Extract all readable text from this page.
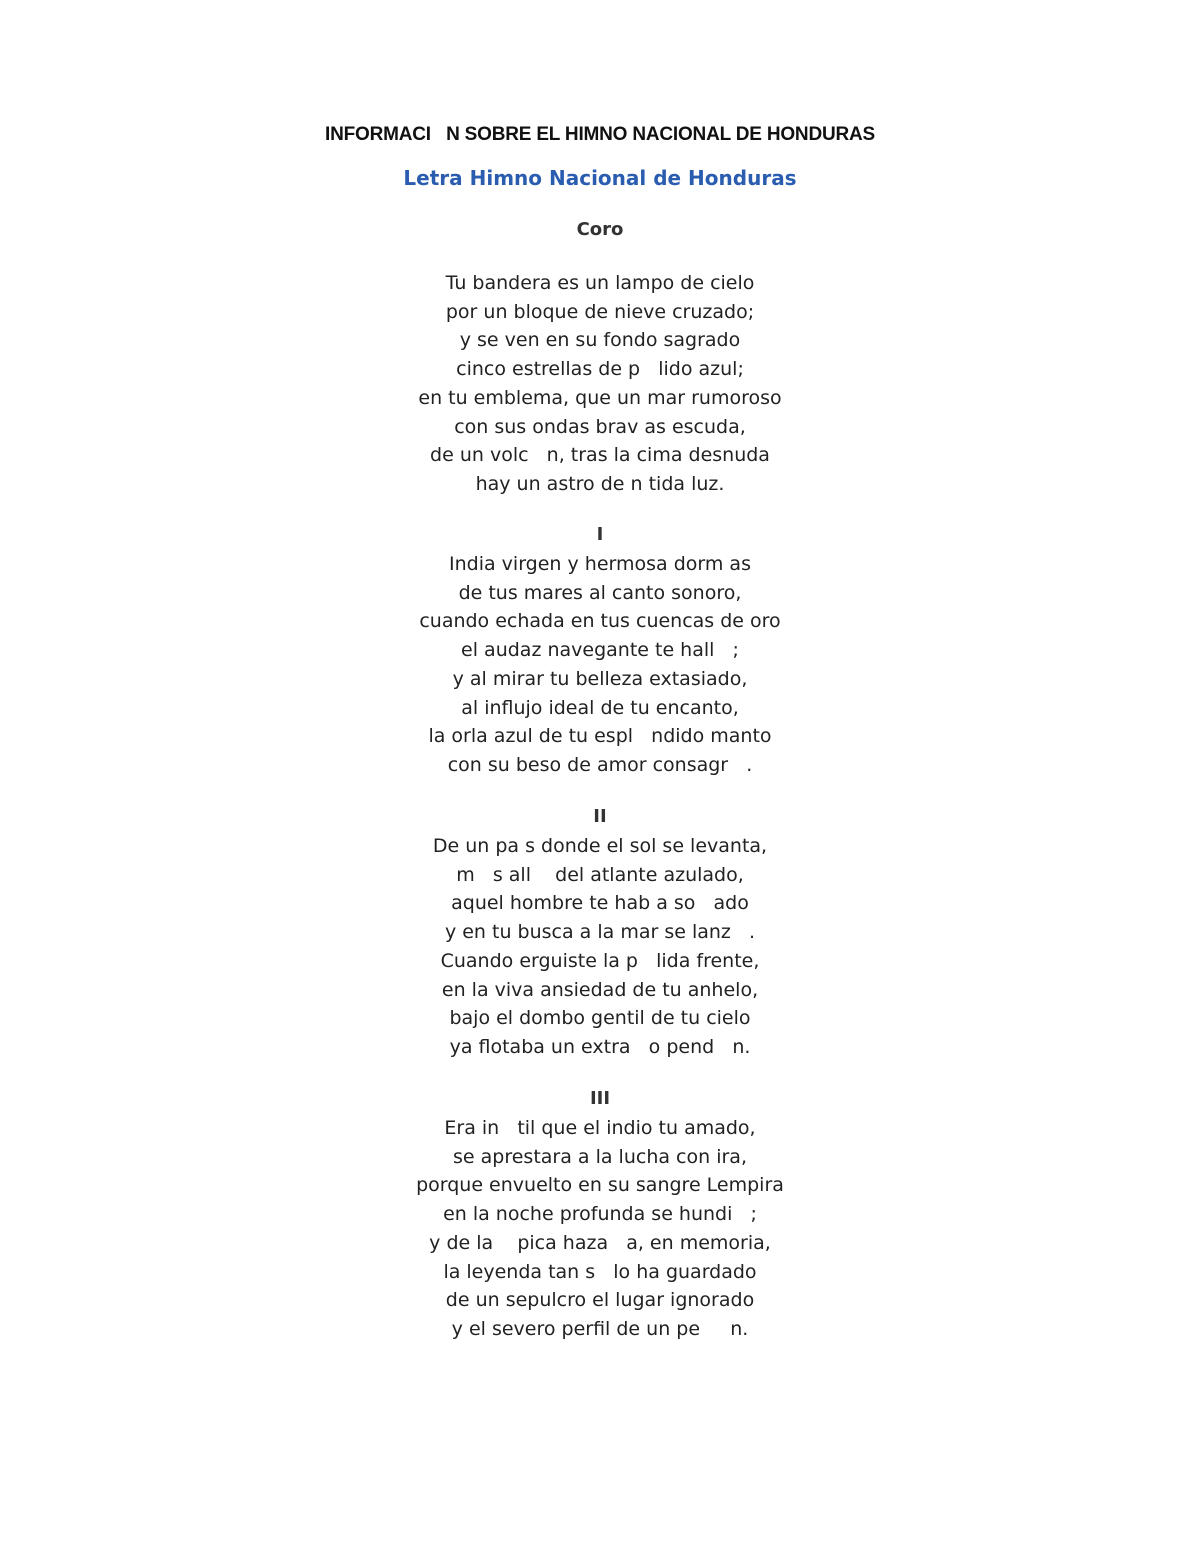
INFORMACI   N SOBRE EL HIMNO NACIONAL DE HONDURAS
Letra Himno Nacional de Honduras
Coro
Tu bandera es un lampo de cielo
por un bloque de nieve cruzado;
y se ven en su fondo sagrado
cinco estrellas de p   lido azul;
en tu emblema, que un mar rumoroso
con sus ondas brav as escuda,
de un volc   n, tras la cima desnuda
hay un astro de n tida luz.
I
India virgen y hermosa dorm as
de tus mares al canto sonoro,
cuando echada en tus cuencas de oro
el audaz navegante te hall   ;
y al mirar tu belleza extasiado,
al influjo ideal de tu encanto,
la orla azul de tu espl   ndido manto
con su beso de amor consagr   .
II
De un pa s donde el sol se levanta,
m   s all    del atlante azulado,
aquel hombre te hab a so   ado
y en tu busca a la mar se lanz   .
Cuando erguiste la p   lida frente,
en la viva ansiedad de tu anhelo,
bajo el dombo gentil de tu cielo
ya flotaba un extra   o pend   n.
III
Era in   til que el indio tu amado,
se aprestara a la lucha con ira,
porque envuelto en su sangre Lempira
en la noche profunda se hundi   ;
y de la    pica haza   a, en memoria,
la leyenda tan s   lo ha guardado
de un sepulcro el lugar ignorado
y el severo perfil de un pe     n.
